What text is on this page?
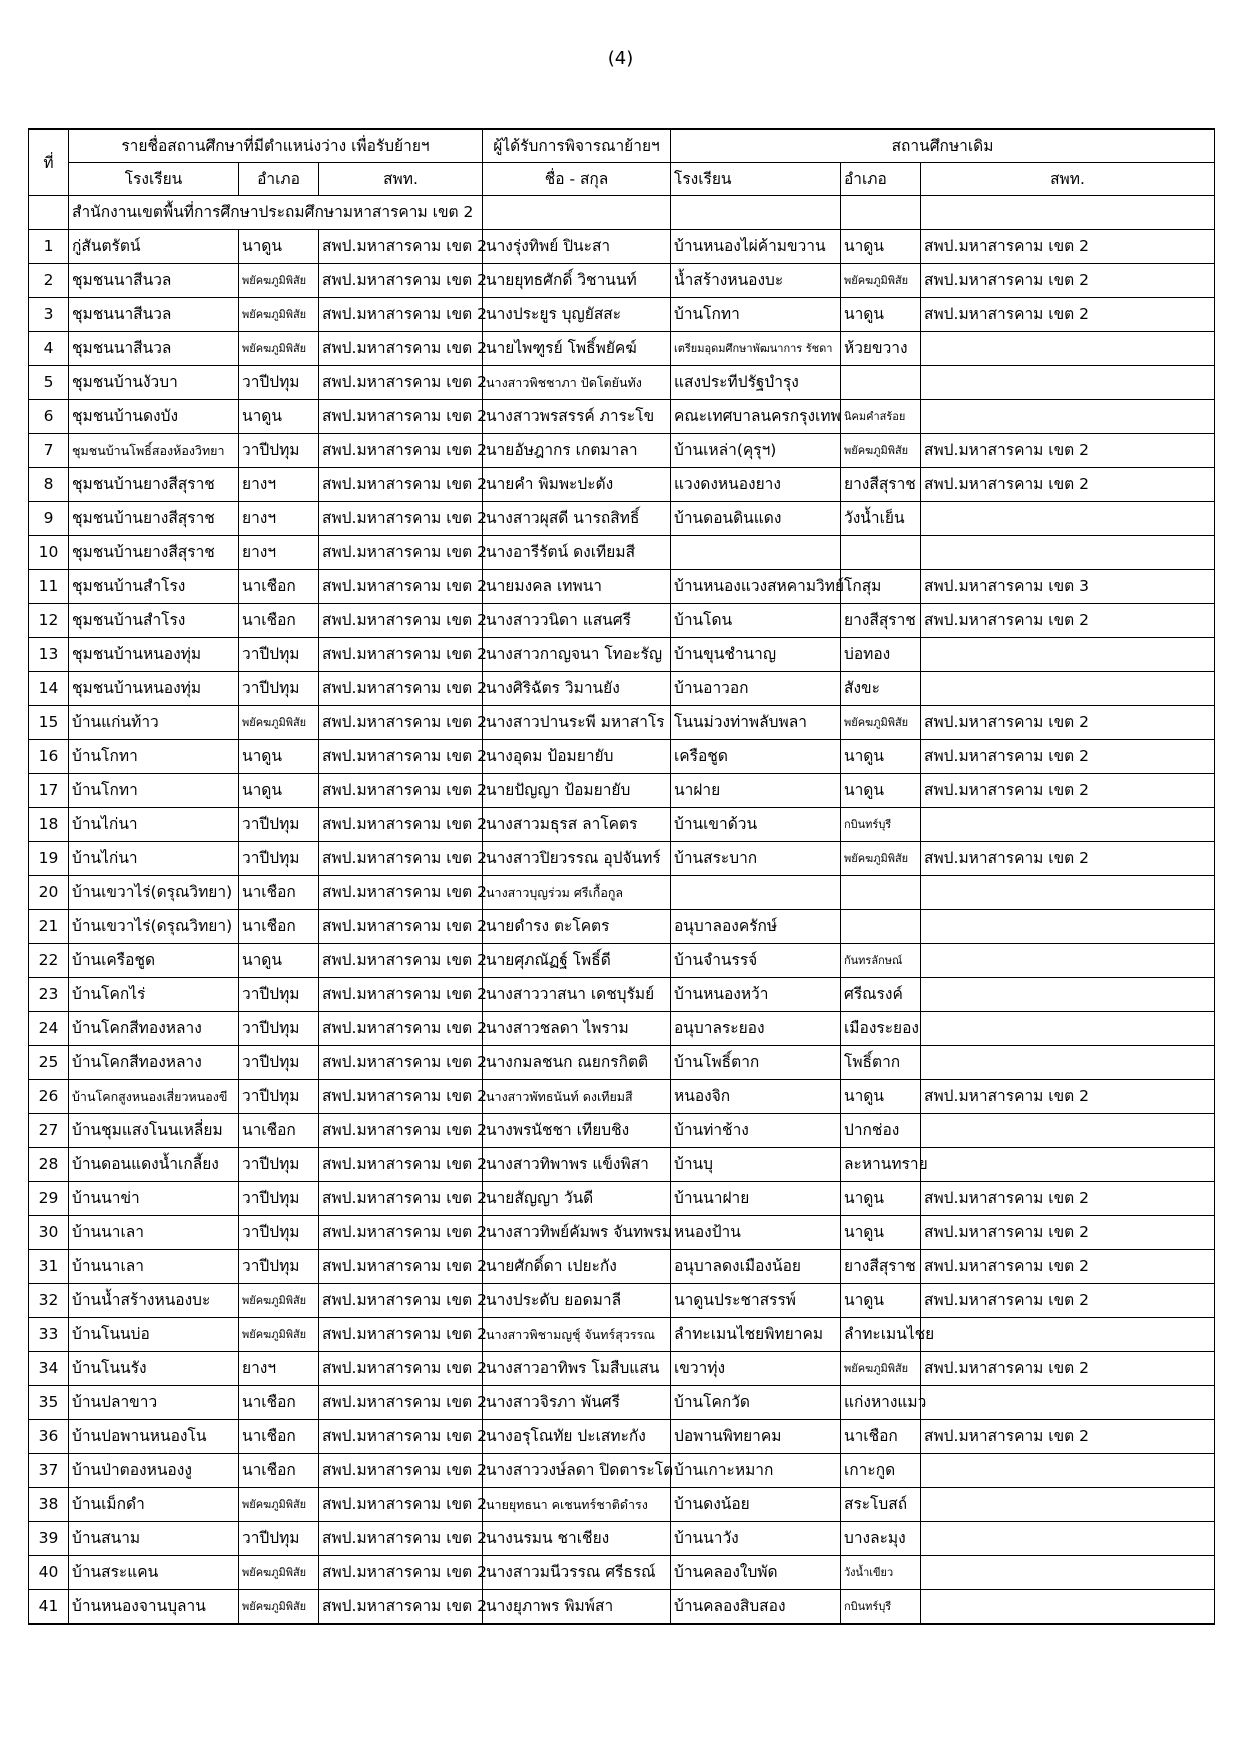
(4)
ที่	รายชื่อสถานศึกษาที่มีตำแหน่งว่าง เพื่อรับย้ายฯ			ผู้ได้รับการพิจารณาย้ายฯ	สถานศึกษาเดิม		
	โรงเรียน	อำเภอ	สพท.	ชื่อ - สกุล	โรงเรียน	อำเภอ	สพท.
	สำนักงานเขตพื้นที่การศึกษาประถมศึกษามหาสารคาม เขต 2						
1	กู่สันตรัตน์	นาดูน	สพป.มหาสารคาม เขต 2	นางรุ่งทิพย์ ปินะสา	บ้านหนองไผ่ค้ามขวาน	นาดูน	สพป.มหาสารคาม เขต 2
2	ชุมชนนาสีนวล	พยัคฆภูมิพิสัย	สพป.มหาสารคาม เขต 2	นายยุทธศักดิ์ วิชานนท์	น้ำสร้างหนองบะ	พยัคฆภูมิพิสัย	สพป.มหาสารคาม เขต 2
3	ชุมชนนาสีนวล	พยัคฆภูมิพิสัย	สพป.มหาสารคาม เขต 2	นางประยูร บุญยัสสะ	บ้านโกทา	นาดูน	สพป.มหาสารคาม เขต 2
4	ชุมชนนาสีนวล	พยัคฆภูมิพิสัย	สพป.มหาสารคาม เขต 2	นายไพฑูรย์ โพธิ์พยัคฆ์	เตรียมอุดมศึกษาพัฒนาการ รัชดา	ห้วยขวาง	
5	ชุมชนบ้านงัวบา	วาปีปทุม	สพป.มหาสารคาม เขต 2	นางสาวพิชชาภา ปัดโตยันทัง	แสงประทีปรัฐบำรุง		
6	ชุมชนบ้านดงบัง	นาดูน	สพป.มหาสารคาม เขต 2	นางสาวพรสรรค์ ภาระโข	คณะเทศบาลนครกรุงเทพ	นิคมคำสร้อย	
7	ชุมชนบ้านโพธิ์สองห้องวิทยา	วาปีปทุม	สพป.มหาสารคาม เขต 2	นายอัษฎากร เกตมาลา	บ้านเหล่า(คุรุฯ)	พยัคฆภูมิพิสัย	สพป.มหาสารคาม เขต 2
8	ชุมชนบ้านยางสีสุราช	ยางฯ	สพป.มหาสารคาม เขต 2	นายคำ พิมพะปะตัง	แวงดงหนองยาง	ยางสีสุราช	สพป.มหาสารคาม เขต 2
9	ชุมชนบ้านยางสีสุราช	ยางฯ	สพป.มหาสารคาม เขต 2	นางสาวผุสดี นารถสิทธิ์	บ้านดอนดินแดง	วังน้ำเย็น	
10	ชุมชนบ้านยางสีสุราช	ยางฯ	สพป.มหาสารคาม เขต 2	นางอารีรัตน์ ดงเทียมสี			
11	ชุมชนบ้านสำโรง	นาเชือก	สพป.มหาสารคาม เขต 2	นายมงคล เทพนา	บ้านหนองแวงสหคามวิทย์	โกสุม	สพป.มหาสารคาม เขต 3
12	ชุมชนบ้านสำโรง	นาเชือก	สพป.มหาสารคาม เขต 2	นางสาววนิดา แสนศรี	บ้านโดน	ยางสีสุราช	สพป.มหาสารคาม เขต 2
13	ชุมชนบ้านหนองทุ่ม	วาปีปทุม	สพป.มหาสารคาม เขต 2	นางสาวกาญจนา โทอะรัญ	บ้านขุนชำนาญ	บ่อทอง	
14	ชุมชนบ้านหนองทุ่ม	วาปีปทุม	สพป.มหาสารคาม เขต 2	นางศิริฉัตร วิมานยัง	บ้านอาวอก	สังขะ	
15	บ้านแก่นท้าว	พยัคฆภูมิพิสัย	สพป.มหาสารคาม เขต 2	นางสาวปานระพี มหาสาโร	โนนม่วงท่าพลับพลา	พยัคฆภูมิพิสัย	สพป.มหาสารคาม เขต 2
16	บ้านโกทา	นาดูน	สพป.มหาสารคาม เขต 2	นางอุดม ป้อมยายับ	เครือชูด	นาดูน	สพป.มหาสารคาม เขต 2
17	บ้านโกทา	นาดูน	สพป.มหาสารคาม เขต 2	นายปัญญา ป้อมยายับ	นาฝาย	นาดูน	สพป.มหาสารคาม เขต 2
18	บ้านไก่นา	วาปีปทุม	สพป.มหาสารคาม เขต 2	นางสาวมธุรส ลาโคตร	บ้านเขาด้วน	กบินทร์บุรี	
19	บ้านไก่นา	วาปีปทุม	สพป.มหาสารคาม เขต 2	นางสาวปิยวรรณ อุปจันทร์	บ้านสระบาก	พยัคฆภูมิพิสัย	สพป.มหาสารคาม เขต 2
20	บ้านเขวาไร่(ดรุณวิทยา)	นาเชือก	สพป.มหาสารคาม เขต 2	นางสาวบุญร่วม ศรีเกื้อกูล			
21	บ้านเขวาไร่(ดรุณวิทยา)	นาเชือก	สพป.มหาสารคาม เขต 2	นายดำรง ตะโคตร	อนุบาลองครักษ์		
22	บ้านเครือชูด	นาดูน	สพป.มหาสารคาม เขต 2	นายศุภณัฏฐ์ โพธิ์ดี	บ้านจำนรรจ์	กันทรลักษณ์	
23	บ้านโคกไร่	วาปีปทุม	สพป.มหาสารคาม เขต 2	นางสาววาสนา เดชบุรัมย์	บ้านหนองหว้า	ศรีณรงค์	
24	บ้านโคกสีทองหลาง	วาปีปทุม	สพป.มหาสารคาม เขต 2	นางสาวชลดา ไพราม	อนุบาลระยอง	เมืองระยอง	
25	บ้านโคกสีทองหลาง	วาปีปทุม	สพป.มหาสารคาม เขต 2	นางกมลชนก ณยกรกิตติ	บ้านโพธิ์ตาก	โพธิ์ตาก	
26	บ้านโคกสูงหนองเสี่ยวหนองขี	วาปีปทุม	สพป.มหาสารคาม เขต 2	นางสาวพัทธนันท์ ดงเทียมสี	หนองจิก	นาดูน	สพป.มหาสารคาม เขต 2
27	บ้านชุมแสงโนนเหลี่ยม	นาเชือก	สพป.มหาสารคาม เขต 2	นางพรนัชชา เทียบชิง	บ้านท่าช้าง	ปากช่อง	
28	บ้านดอนแดงน้ำเกลี้ยง	วาปีปทุม	สพป.มหาสารคาม เขต 2	นางสาวทิพาพร แข็งพิสา	บ้านบุ	ละหานทราย	
29	บ้านนาข่า	วาปีปทุม	สพป.มหาสารคาม เขต 2	นายสัญญา วันดี	บ้านนาฝาย	นาดูน	สพป.มหาสารคาม เขต 2
30	บ้านนาเลา	วาปีปทุม	สพป.มหาสารคาม เขต 2	นางสาวทิพย์คัมพร จันทพรม	หนองป้าน	นาดูน	สพป.มหาสารคาม เขต 2
31	บ้านนาเลา	วาปีปทุม	สพป.มหาสารคาม เขต 2	นายศักดิ์ดา เปยะกัง	อนุบาลดงเมืองน้อย	ยางสีสุราช	สพป.มหาสารคาม เขต 2
32	บ้านน้ำสร้างหนองบะ	พยัคฆภูมิพิสัย	สพป.มหาสารคาม เขต 2	นางประดับ ยอดมาลี	นาดูนประชาสรรพ์	นาดูน	สพป.มหาสารคาม เขต 2
33	บ้านโนนบ่อ	พยัคฆภูมิพิสัย	สพป.มหาสารคาม เขต 2	นางสาวพิชามญชุ์ จันทร์สุวรรณ	ลำทะเมนไชยพิทยาคม	ลำทะเมนไชย	
34	บ้านโนนรัง	ยางฯ	สพป.มหาสารคาม เขต 2	นางสาวอาทิพร โมสืบแสน	เขวาทุ่ง	พยัคฆภูมิพิสัย	สพป.มหาสารคาม เขต 2
35	บ้านปลาขาว	นาเชือก	สพป.มหาสารคาม เขต 2	นางสาวจิรภา พันศรี	บ้านโคกวัด	แก่งหางแมว	
36	บ้านปอพานหนองโน	นาเชือก	สพป.มหาสารคาม เขต 2	นางอรุโณทัย ปะเสทะกัง	ปอพานพิทยาคม	นาเชือก	สพป.มหาสารคาม เขต 2
37	บ้านป่าตองหนองงู	นาเชือก	สพป.มหาสารคาม เขต 2	นางสาววงษ์ลดา ปิดตาระโต	บ้านเกาะหมาก	เกาะกูด	
38	บ้านเม็กดำ	พยัคฆภูมิพิสัย	สพป.มหาสารคาม เขต 2	นายยุทธนา คเชนทร์ชาติดำรง	บ้านดงน้อย	สระโบสถ์	
39	บ้านสนาม	วาปีปทุม	สพป.มหาสารคาม เขต 2	นางนรมน ชาเชียง	บ้านนาวัง	บางละมุง	
40	บ้านสระแคน	พยัคฆภูมิพิสัย	สพป.มหาสารคาม เขต 2	นางสาวมนีวรรณ ศรีธรณ์	บ้านคลองใบพัด	วังน้ำเขียว	
41	บ้านหนองจานบุลาน	พยัคฆภูมิพิสัย	สพป.มหาสารคาม เขต 2	นางยุภาพร พิมพ์สา	บ้านคลองสิบสอง	กบินทร์บุรี	
